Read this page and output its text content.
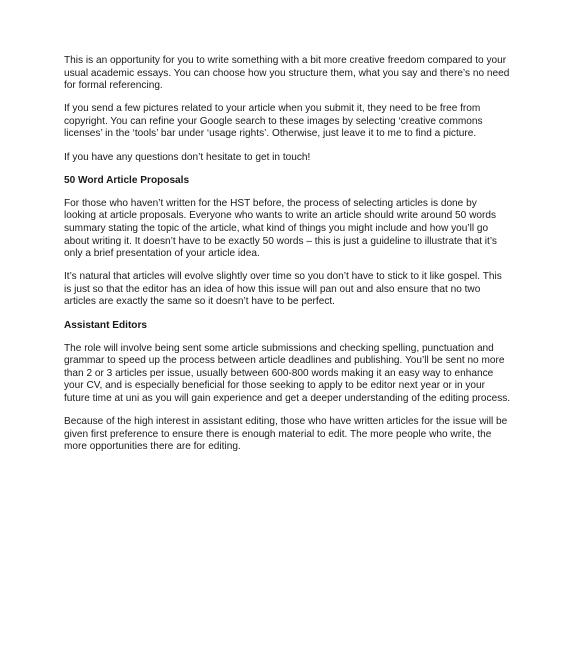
This is an opportunity for you to write something with a bit more creative freedom compared to your usual academic essays. You can choose how you structure them, what you say and there’s no need for formal referencing.

If you send a few pictures related to your article when you submit it, they need to be free from copyright. You can refine your Google search to these images by selecting ‘creative commons licenses’ in the ‘tools’ bar under ‘usage rights’. Otherwise, just leave it to me to find a picture.

If you have any questions don’t hesitate to get in touch!

50 Word Article Proposals

For those who haven’t written for the HST before, the process of selecting articles is done by looking at article proposals. Everyone who wants to write an article should write around 50 words summary stating the topic of the article, what kind of things you might include and how you’ll go about writing it. It doesn’t have to be exactly 50 words – this is just a guideline to illustrate that it’s only a brief presentation of your article idea.

It’s natural that articles will evolve slightly over time so you don’t have to stick to it like gospel. This is just so that the editor has an idea of how this issue will pan out and also ensure that no two articles are exactly the same so it doesn’t have to be perfect.

Assistant Editors

The role will involve being sent some article submissions and checking spelling, punctuation and grammar to speed up the process between article deadlines and publishing. You’ll be sent no more than 2 or 3 articles per issue, usually between 600-800 words making it an easy way to enhance your CV, and is especially beneficial for those seeking to apply to be editor next year or in your future time at uni as you will gain experience and get a deeper understanding of the editing process.

Because of the high interest in assistant editing, those who have written articles for the issue will be given first preference to ensure there is enough material to edit. The more people who write, the more opportunities there are for editing.
